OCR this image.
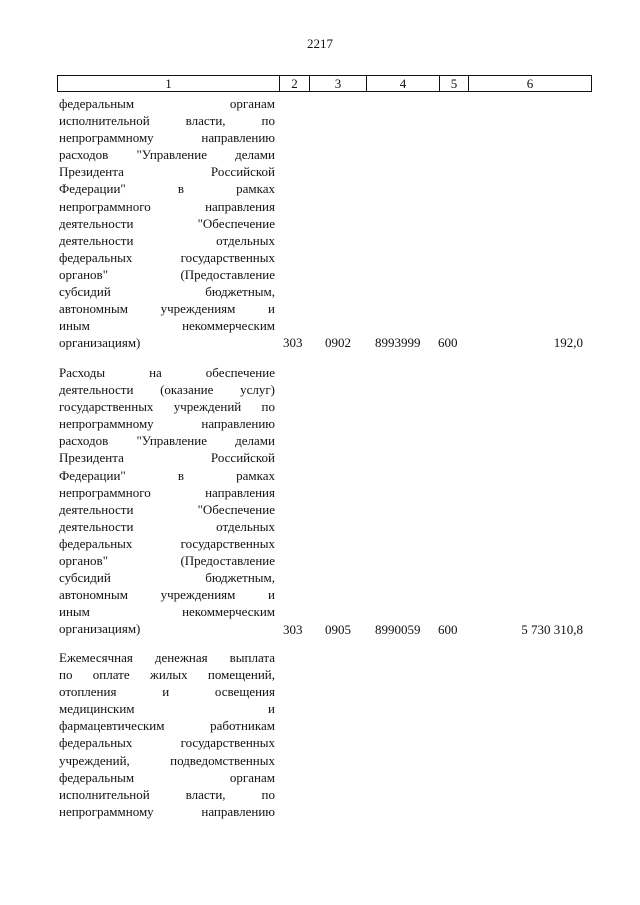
2217
1	2	3	4	5	6
федеральным органам
исполнительной власти, по
непрограммному направлению
расходов "Управление делами
Президента Российской
Федерации" в рамках
непрограммного направления
деятельности "Обеспечение
деятельности отдельных
федеральных государственных
органов" (Предоставление
субсидий бюджетным,
автономным учреждениям и
иным некоммерческим
организациям)	303 0902 8993999 600	192,0
Расходы на обеспечение
деятельности (оказание услуг)
государственных учреждений по
непрограммному направлению
расходов "Управление делами
Президента Российской
Федерации" в рамках
непрограммного направления
деятельности "Обеспечение
деятельности отдельных
федеральных государственных
органов" (Предоставление
субсидий бюджетным,
автономным учреждениям и
иным некоммерческим
организациям)	303 0905 8990059 600	5 730 310,8
Ежемесячная денежная выплата
по оплате жилых помещений,
отопления и освещения
медицинским и
фармацевтическим работникам
федеральных государственных
учреждений, подведомственных
федеральным органам
исполнительной власти, по
непрограммному направлению
